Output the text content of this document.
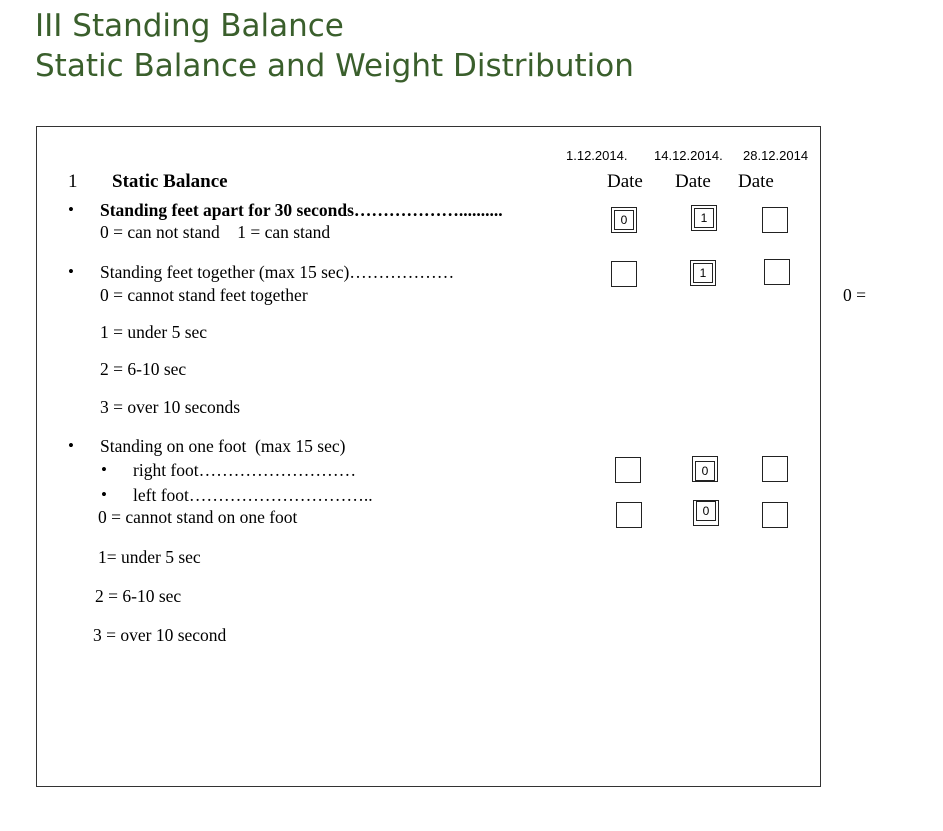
III Standing Balance
Static Balance and Weight Distribution
1.12.2014. 14.12.2014. 28.12.2014
Date Date Date
1 Static Balance
• Standing feet apart for 30 seconds………………..........
0 = can not stand    1 = can stand
0	1
• Standing feet together (max 15 sec)………………
0 = cannot stand feet together
1 = under 5 sec
2 = 6-10 sec
3 = over 10 seconds
1
0 =
• Standing on one foot  (max 15 sec)
• right foot………………………
• left foot…………………………..
0 = cannot stand on one foot
1= under 5 sec
2 = 6-10 sec
3 = over 10 second
0
0
